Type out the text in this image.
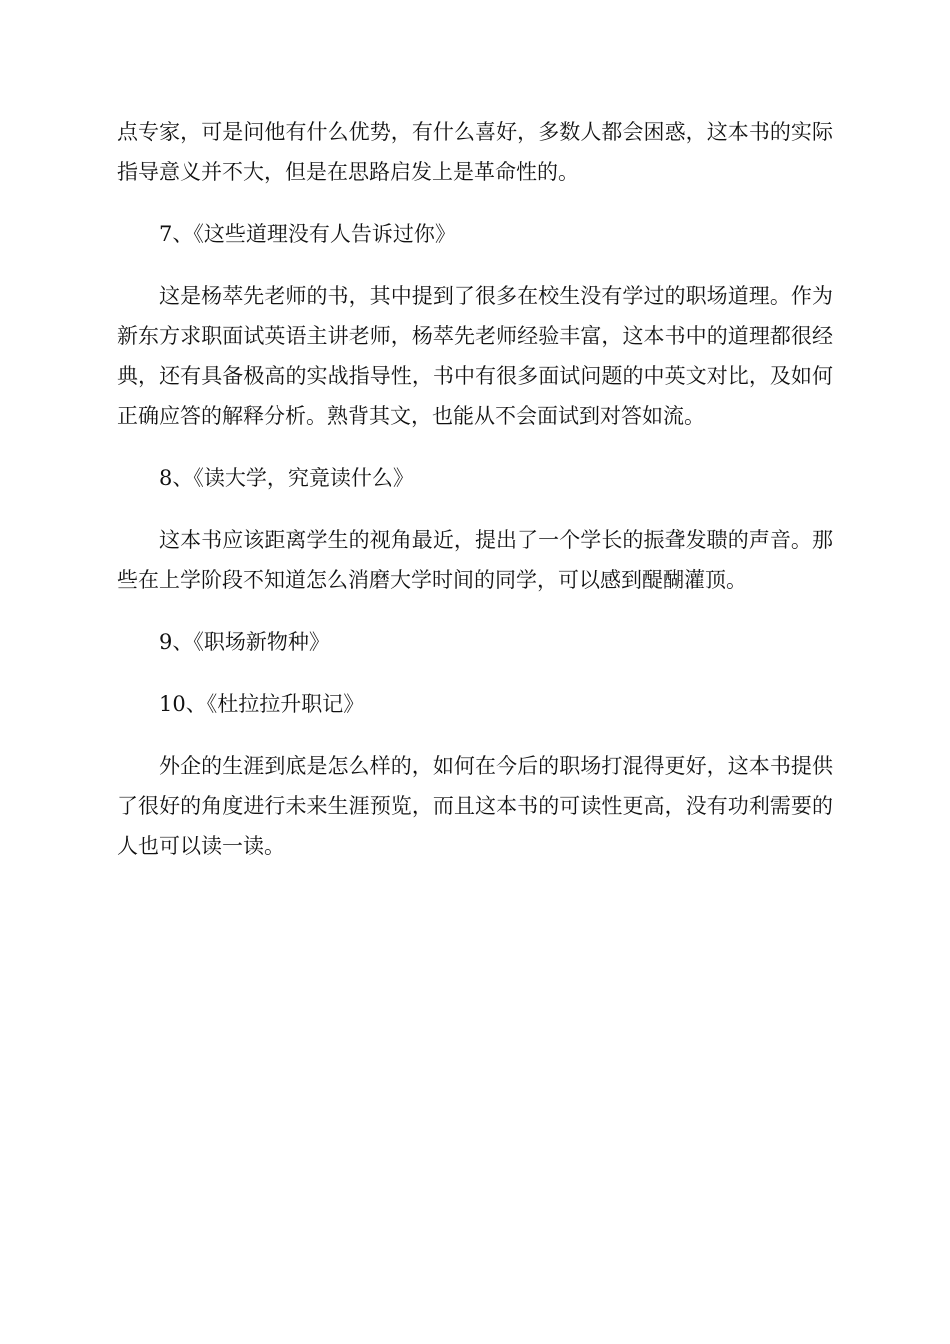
点专家，可是问他有什么优势，有什么喜好，多数人都会困惑，这本书的实际指导意义并不大，但是在思路启发上是革命性的。

7、《这些道理没有人告诉过你》

这是杨萃先老师的书，其中提到了很多在校生没有学过的职场道理。作为新东方求职面试英语主讲老师，杨萃先老师经验丰富，这本书中的道理都很经典，还有具备极高的实战指导性，书中有很多面试问题的中英文对比，及如何正确应答的解释分析。熟背其文，也能从不会面试到对答如流。

8、《读大学，究竟读什么》

这本书应该距离学生的视角最近，提出了一个学长的振聋发聩的声音。那些在上学阶段不知道怎么消磨大学时间的同学，可以感到醍醐灌顶。

9、《职场新物种》

10、《杜拉拉升职记》

外企的生涯到底是怎么样的，如何在今后的职场打混得更好，这本书提供了很好的角度进行未来生涯预览，而且这本书的可读性更高，没有功利需要的人也可以读一读。
